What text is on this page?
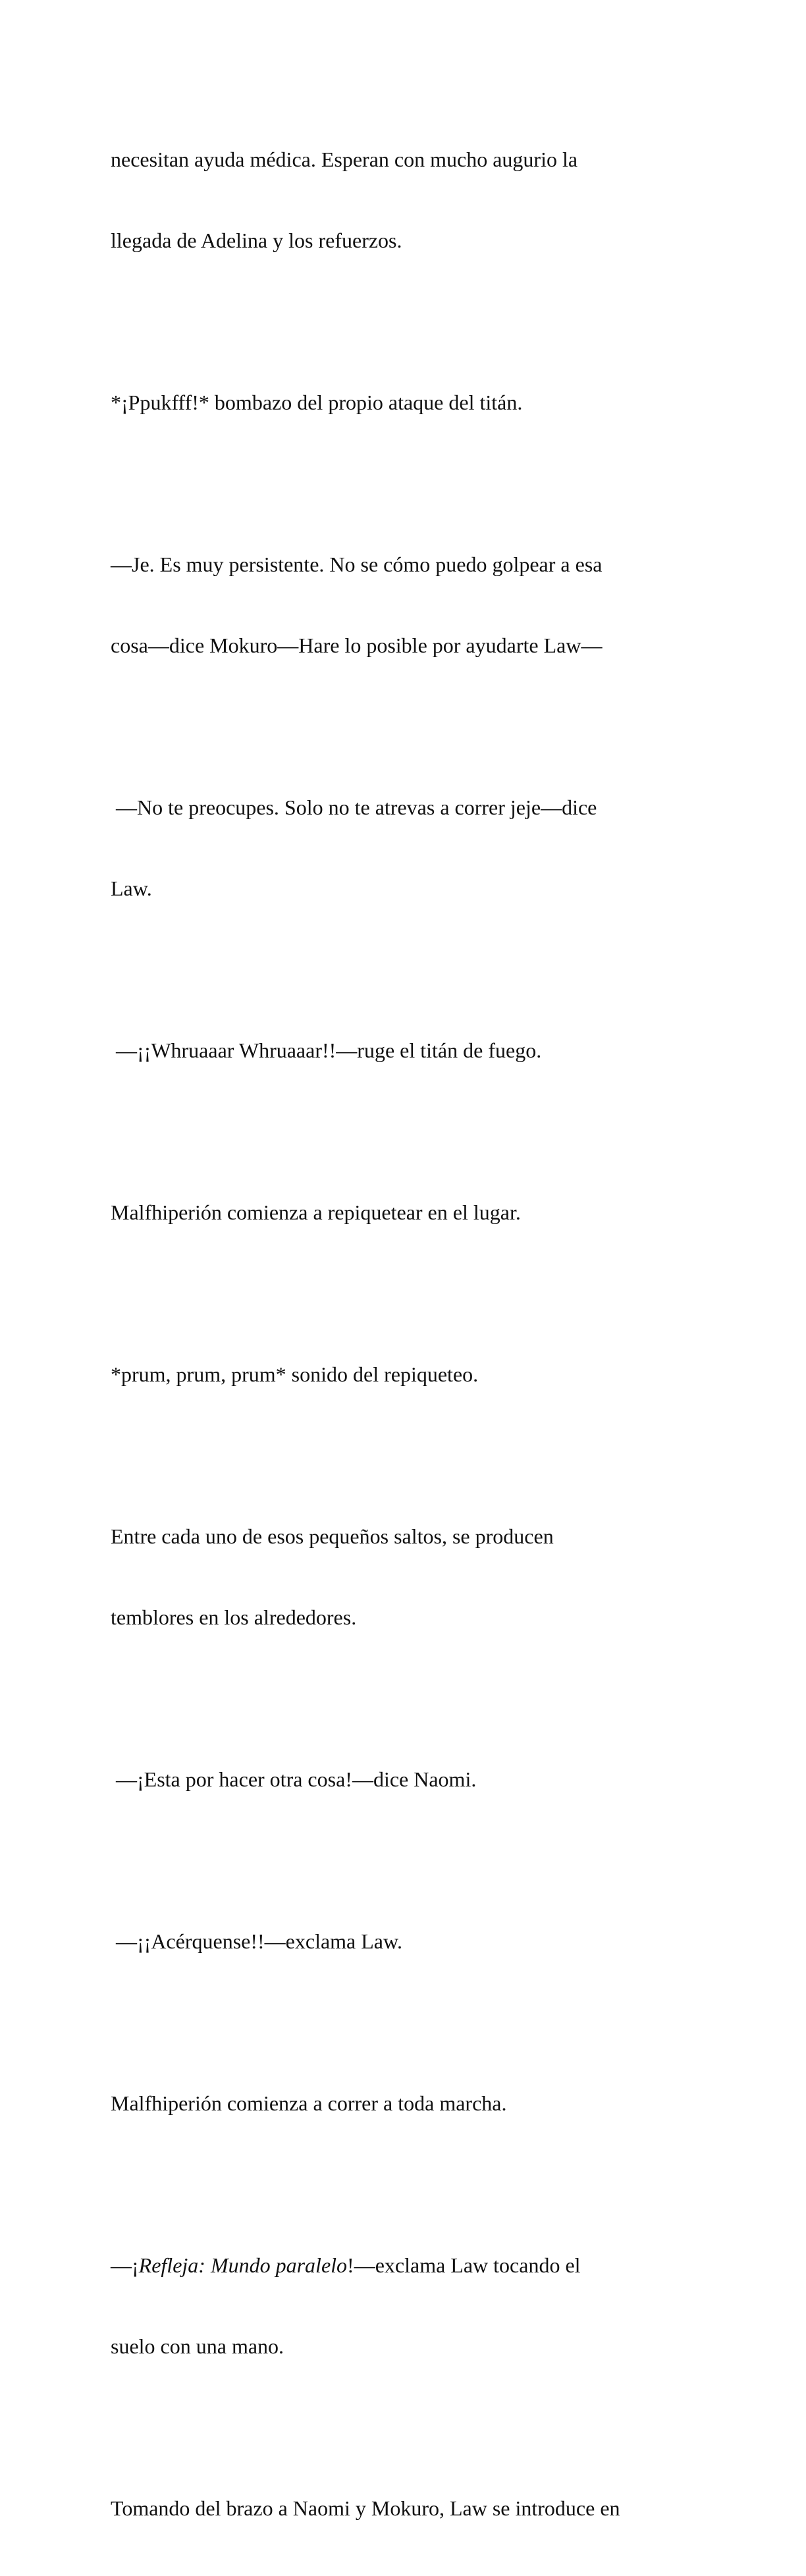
necesitan ayuda médica. Esperan con mucho augurio la

llegada de Adelina y los refuerzos.

*¡Ppukfff!* bombazo del propio ataque del titán.

—Je. Es muy persistente. No se cómo puedo golpear a esa

cosa—dice Mokuro—Hare lo posible por ayudarte Law—

—No te preocupes. Solo no te atrevas a correr jeje—dice

Law.

—¡¡Whruaaar Whruaaar!!—ruge el titán de fuego.

Malfhiperión comienza a repiquetear en el lugar.

*prum, prum, prum* sonido del repiqueteo.

Entre cada uno de esos pequeños saltos, se producen

temblores en los alrededores.

—¡Esta por hacer otra cosa!—dice Naomi.

—¡¡Acérquense!!—exclama Law.

Malfhiperión comienza a correr a toda marcha.

—¡Refleja: Mundo paralelo!—exclama Law tocando el

suelo con una mano.

Tomando del brazo a Naomi y Mokuro, Law se introduce en
